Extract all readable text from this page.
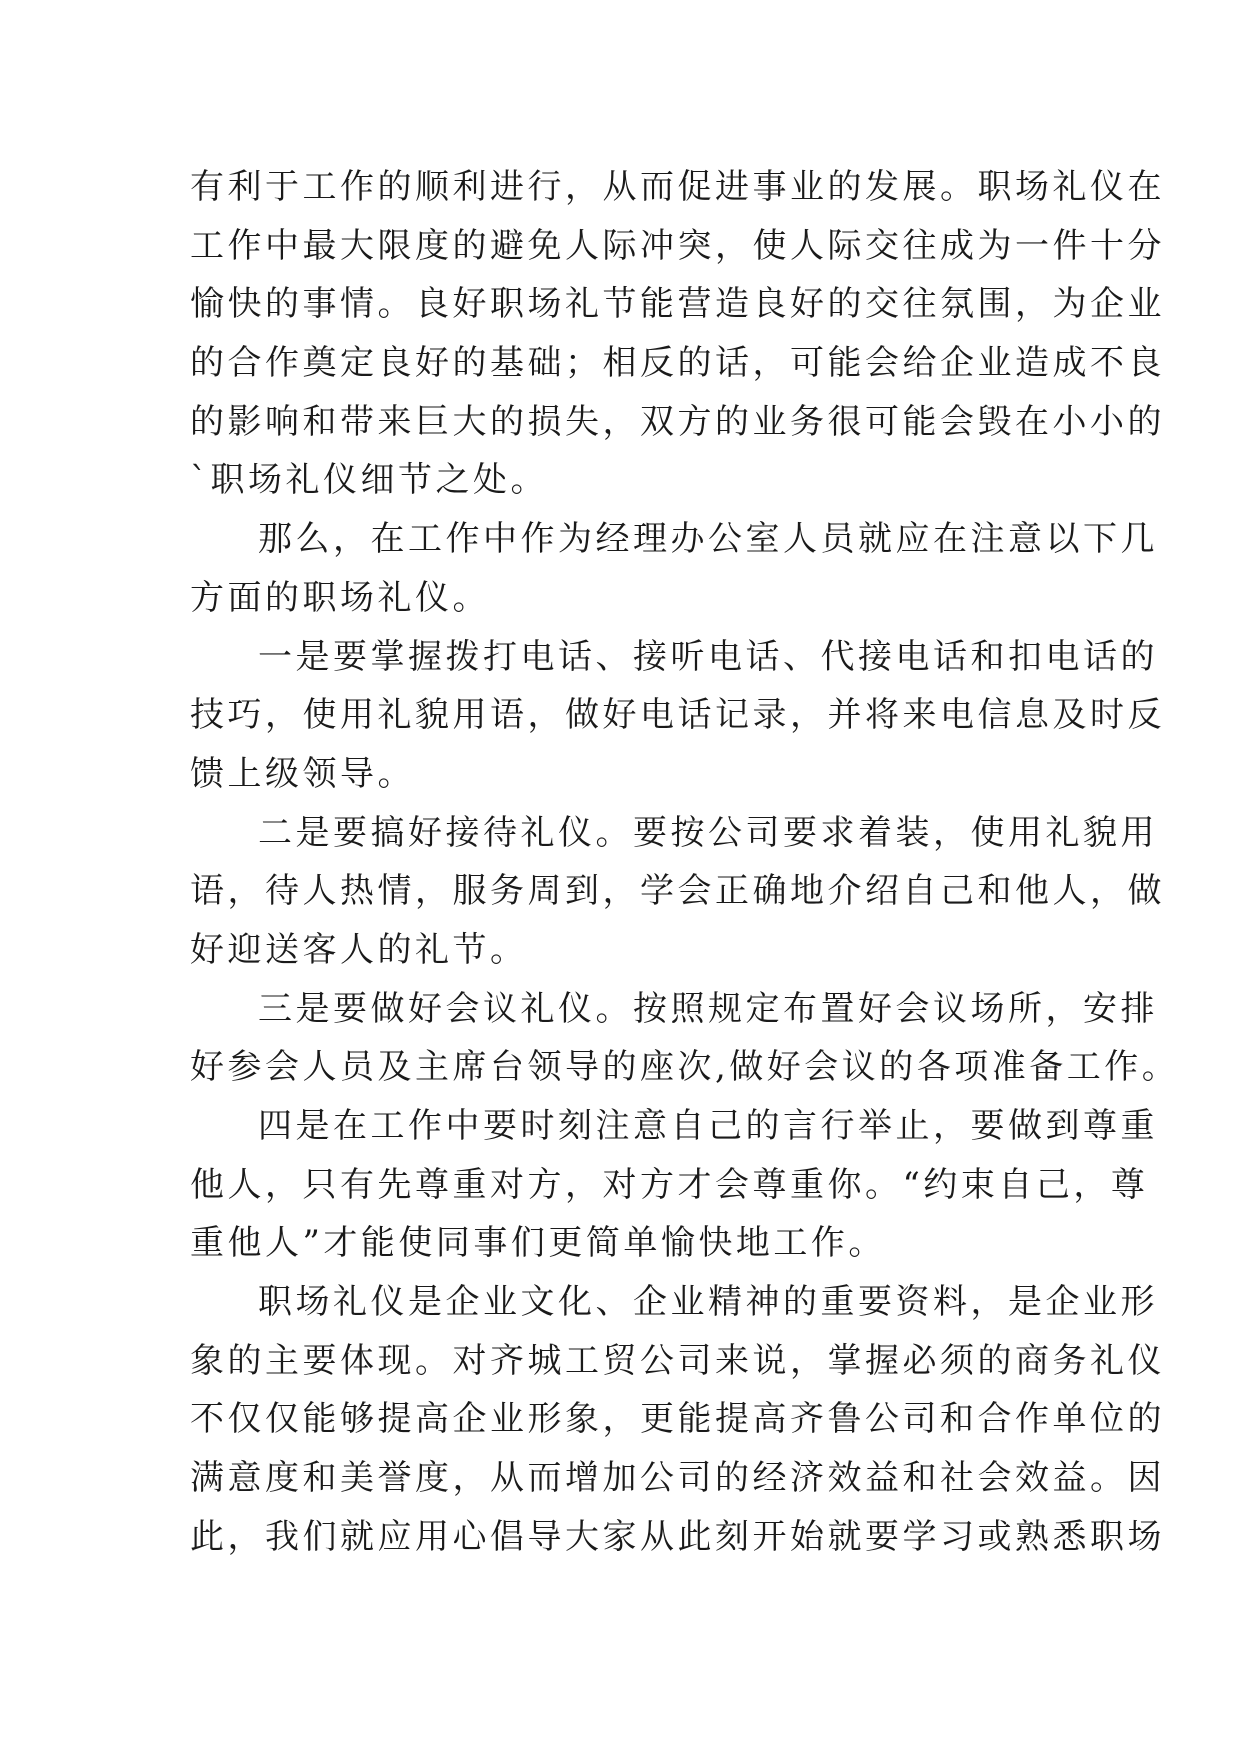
有利于工作的顺利进行，从而促进事业的发展。职场礼仪在
工作中最大限度的避免人际冲突，使人际交往成为一件十分
愉快的事情。良好职场礼节能营造良好的交往氛围，为企业
的合作奠定良好的基础；相反的话，可能会给企业造成不良
的影响和带来巨大的损失，双方的业务很可能会毁在小小的
`职场礼仪细节之处。
那么，在工作中作为经理办公室人员就应在注意以下几
方面的职场礼仪。
一是要掌握拨打电话、接听电话、代接电话和扣电话的
技巧，使用礼貌用语，做好电话记录，并将来电信息及时反
馈上级领导。
二是要搞好接待礼仪。要按公司要求着装，使用礼貌用
语，待人热情，服务周到，学会正确地介绍自己和他人，做
好迎送客人的礼节。
三是要做好会议礼仪。按照规定布置好会议场所，安排
好参会人员及主席台领导的座次,做好会议的各项准备工作。
四是在工作中要时刻注意自己的言行举止，要做到尊重
他人，只有先尊重对方，对方才会尊重你。“约束自己，尊
重他人”才能使同事们更简单愉快地工作。
职场礼仪是企业文化、企业精神的重要资料，是企业形
象的主要体现。对齐城工贸公司来说，掌握必须的商务礼仪
不仅仅能够提高企业形象，更能提高齐鲁公司和合作单位的
满意度和美誉度，从而增加公司的经济效益和社会效益。因
此，我们就应用心倡导大家从此刻开始就要学习或熟悉职场
